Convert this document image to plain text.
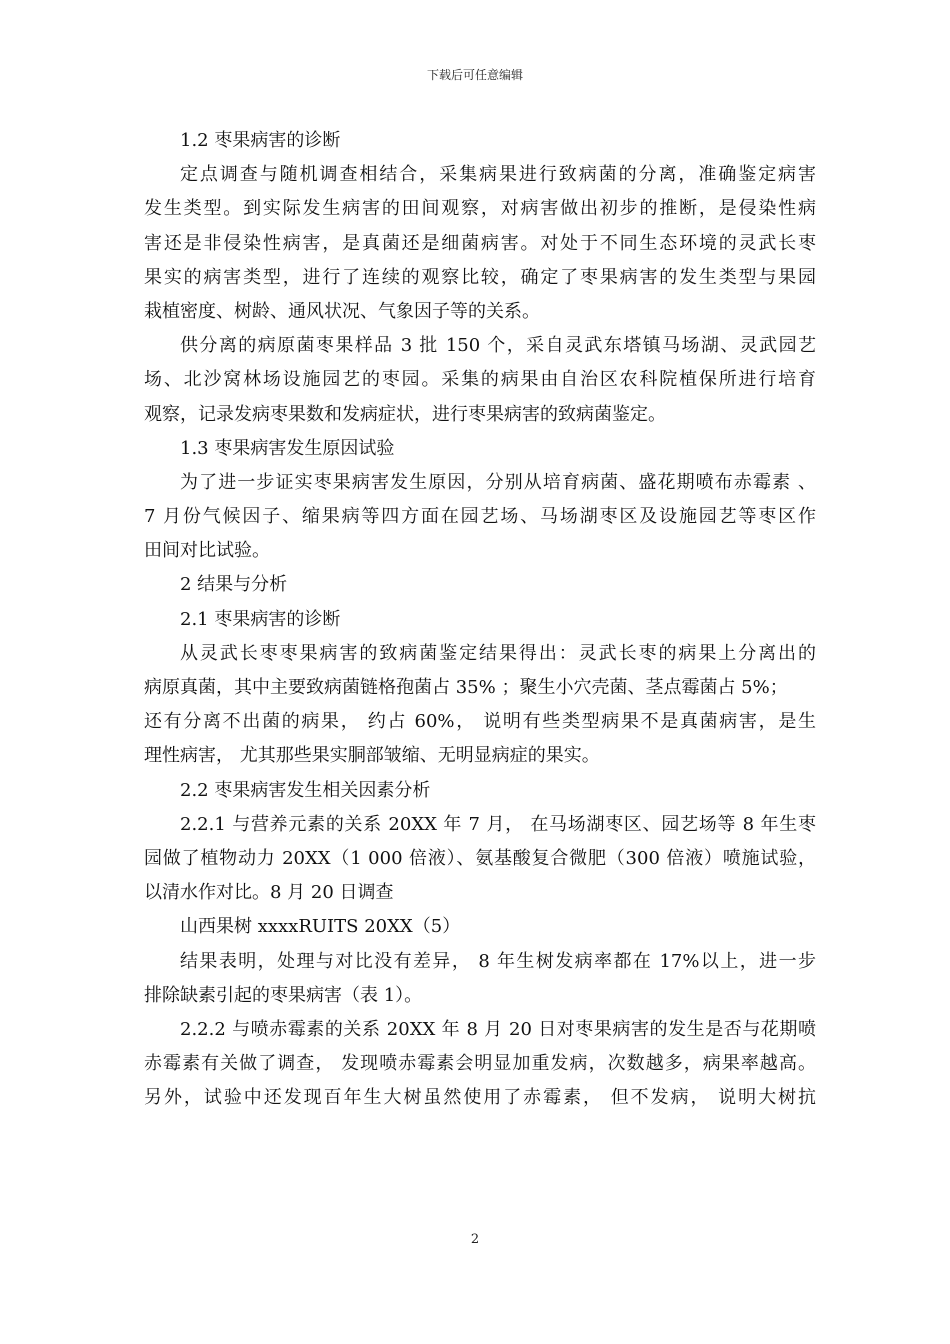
下载后可任意编辑
1.2 枣果病害的诊断
定点调查与随机调查相结合，采集病果进行致病菌的分离，准确鉴定病害
发生类型。到实际发生病害的田间观察，对病害做出初步的推断，是侵染性病
害还是非侵染性病害，是真菌还是细菌病害。对处于不同生态环境的灵武长枣
果实的病害类型，进行了连续的观察比较，确定了枣果病害的发生类型与果园
栽植密度、树龄、通风状况、气象因子等的关系。
供分离的病原菌枣果样品 3 批 150 个，采自灵武东塔镇马场湖、灵武园艺
场、北沙窝林场设施园艺的枣园。采集的病果由自治区农科院植保所进行培育
观察，记录发病枣果数和发病症状，进行枣果病害的致病菌鉴定。
1.3 枣果病害发生原因试验
为了进一步证实枣果病害发生原因，分别从培育病菌、盛花期喷布赤霉素 、
7 月份气候因子、缩果病等四方面在园艺场、马场湖枣区及设施园艺等枣区作
田间对比试验。
2 结果与分析
2.1 枣果病害的诊断
从灵武长枣枣果病害的致病菌鉴定结果得出：灵武长枣的病果上分离出的
病原真菌，其中主要致病菌链格孢菌占 35% ；聚生小穴壳菌、茎点霉菌占 5%；
还有分离不出菌的病果， 约占 60%， 说明有些类型病果不是真菌病害，是生
理性病害， 尤其那些果实胴部皱缩、无明显病症的果实。
2.2 枣果病害发生相关因素分析
2.2.1 与营养元素的关系 20XX 年 7 月， 在马场湖枣区、园艺场等 8 年生枣
园做了植物动力 20XX（1 000 倍液）、氨基酸复合微肥（300 倍液）喷施试验，
以清水作对比。8 月 20 日调查
山西果树 xxxxRUITS 20XX（5）
结果表明，处理与对比没有差异， 8 年生树发病率都在 17%以上，进一步
排除缺素引起的枣果病害（表 1）。
2.2.2 与喷赤霉素的关系 20XX 年 8 月 20 日对枣果病害的发生是否与花期喷
赤霉素有关做了调查， 发现喷赤霉素会明显加重发病，次数越多，病果率越高。
另外，试验中还发现百年生大树虽然使用了赤霉素， 但不发病， 说明大树抗
2
